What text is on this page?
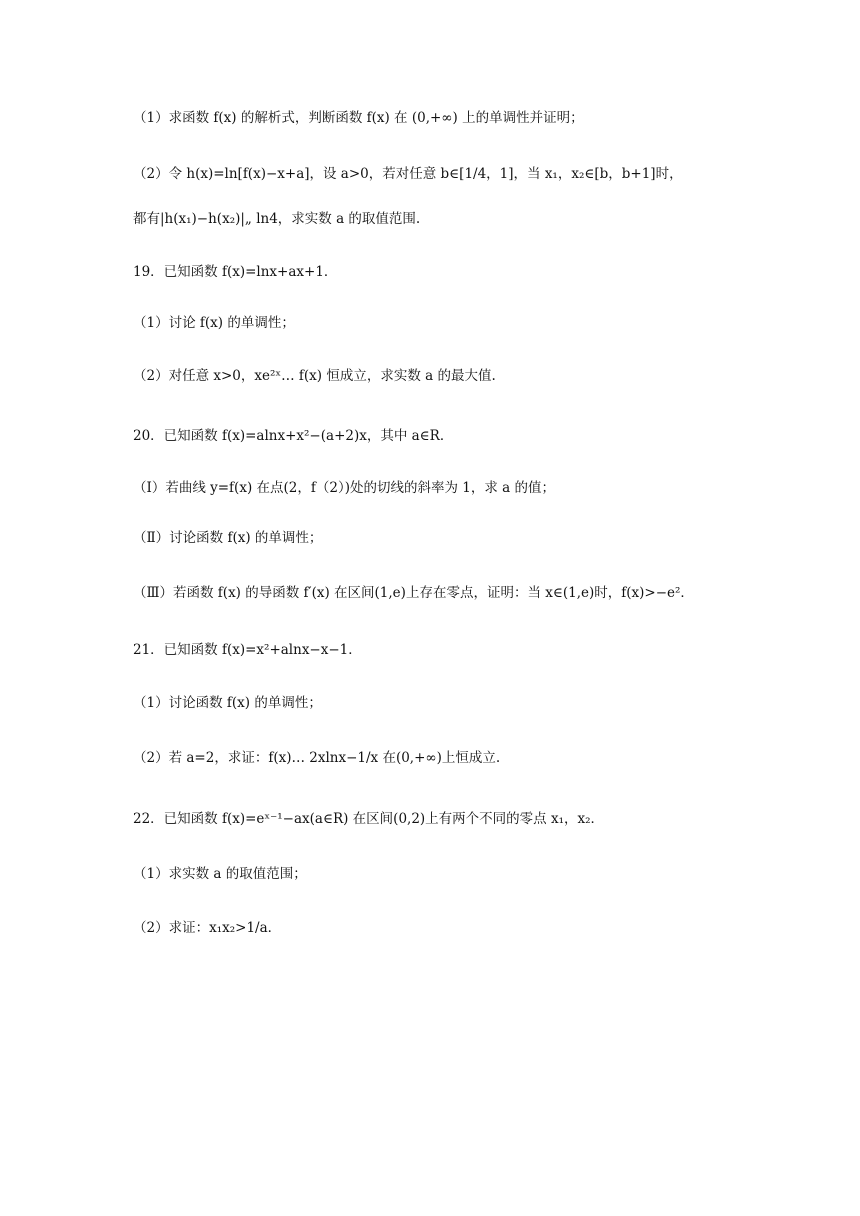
（1）求函数 f(x) 的解析式，判断函数 f(x) 在 (0,+∞) 上的单调性并证明；
（2）令 h(x)=ln[f(x)−x+a]，设 a>0，若对任意 b∈[1/4，1]，当 x₁，x₂∈[b，b+1]时，
都有|h(x₁)−h(x₂)|„ ln4，求实数 a 的取值范围.
19．已知函数 f(x)=lnx+ax+1．
（1）讨论 f(x) 的单调性；
（2）对任意 x>0，xe²ˣ… f(x) 恒成立，求实数 a 的最大值.
20．已知函数 f(x)=alnx+x²−(a+2)x，其中 a∈R．
（Ⅰ）若曲线 y=f(x) 在点(2，f（2）)处的切线的斜率为 1，求 a 的值；
（Ⅱ）讨论函数 f(x) 的单调性；
（Ⅲ）若函数 f(x) 的导函数 f′(x) 在区间(1,e)上存在零点，证明：当 x∈(1,e)时，f(x)>−e²．
21．已知函数 f(x)=x²+alnx−x−1．
（1）讨论函数 f(x) 的单调性；
（2）若 a=2，求证：f(x)… 2xlnx−1/x 在(0,+∞)上恒成立.
22．已知函数 f(x)=eˣ⁻¹−ax(a∈R) 在区间(0,2)上有两个不同的零点 x₁，x₂．
（1）求实数 a 的取值范围；
（2）求证：x₁x₂>1/a．
